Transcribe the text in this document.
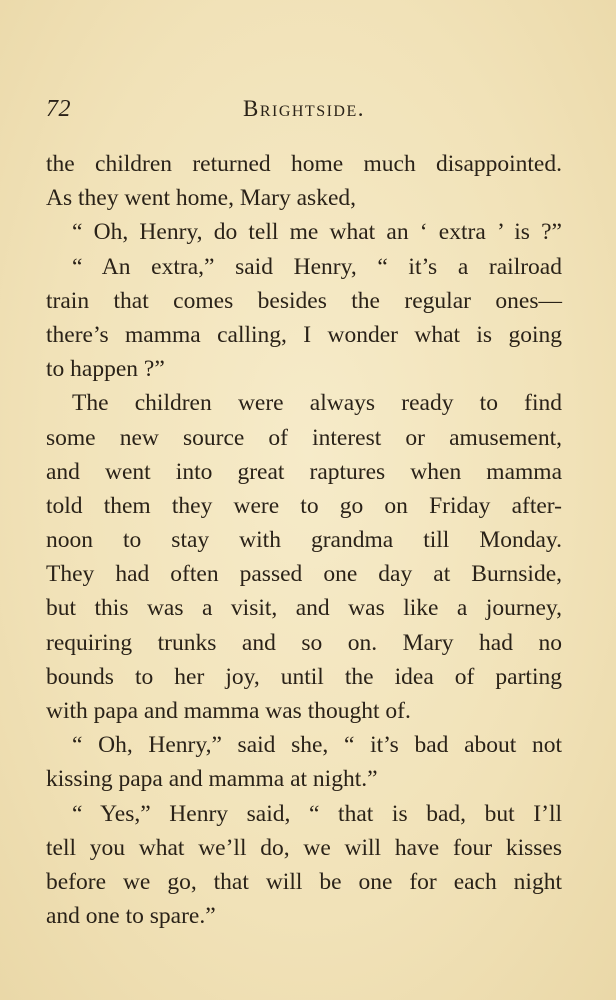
72	Brightside.
the children returned home much disappointed.
As they went home, Mary asked,
“ Oh, Henry, do tell me what an ‘ extra ’ is ?”
“ An extra,” said Henry, “ it’s a railroad
train that comes besides the regular ones—
there’s mamma calling, I wonder what is going
to happen ?”
The children were always ready to find
some new source of interest or amusement,
and went into great raptures when mamma
told them they were to go on Friday after-
noon to stay with grandma till Monday.
They had often passed one day at Burnside,
but this was a visit, and was like a journey,
requiring trunks and so on. Mary had no
bounds to her joy, until the idea of parting
with papa and mamma was thought of.
“ Oh, Henry,” said she, “ it’s bad about not
kissing papa and mamma at night.”
“ Yes,” Henry said, “ that is bad, but I’ll
tell you what we’ll do, we will have four kisses
before we go, that will be one for each night
and one to spare.”
